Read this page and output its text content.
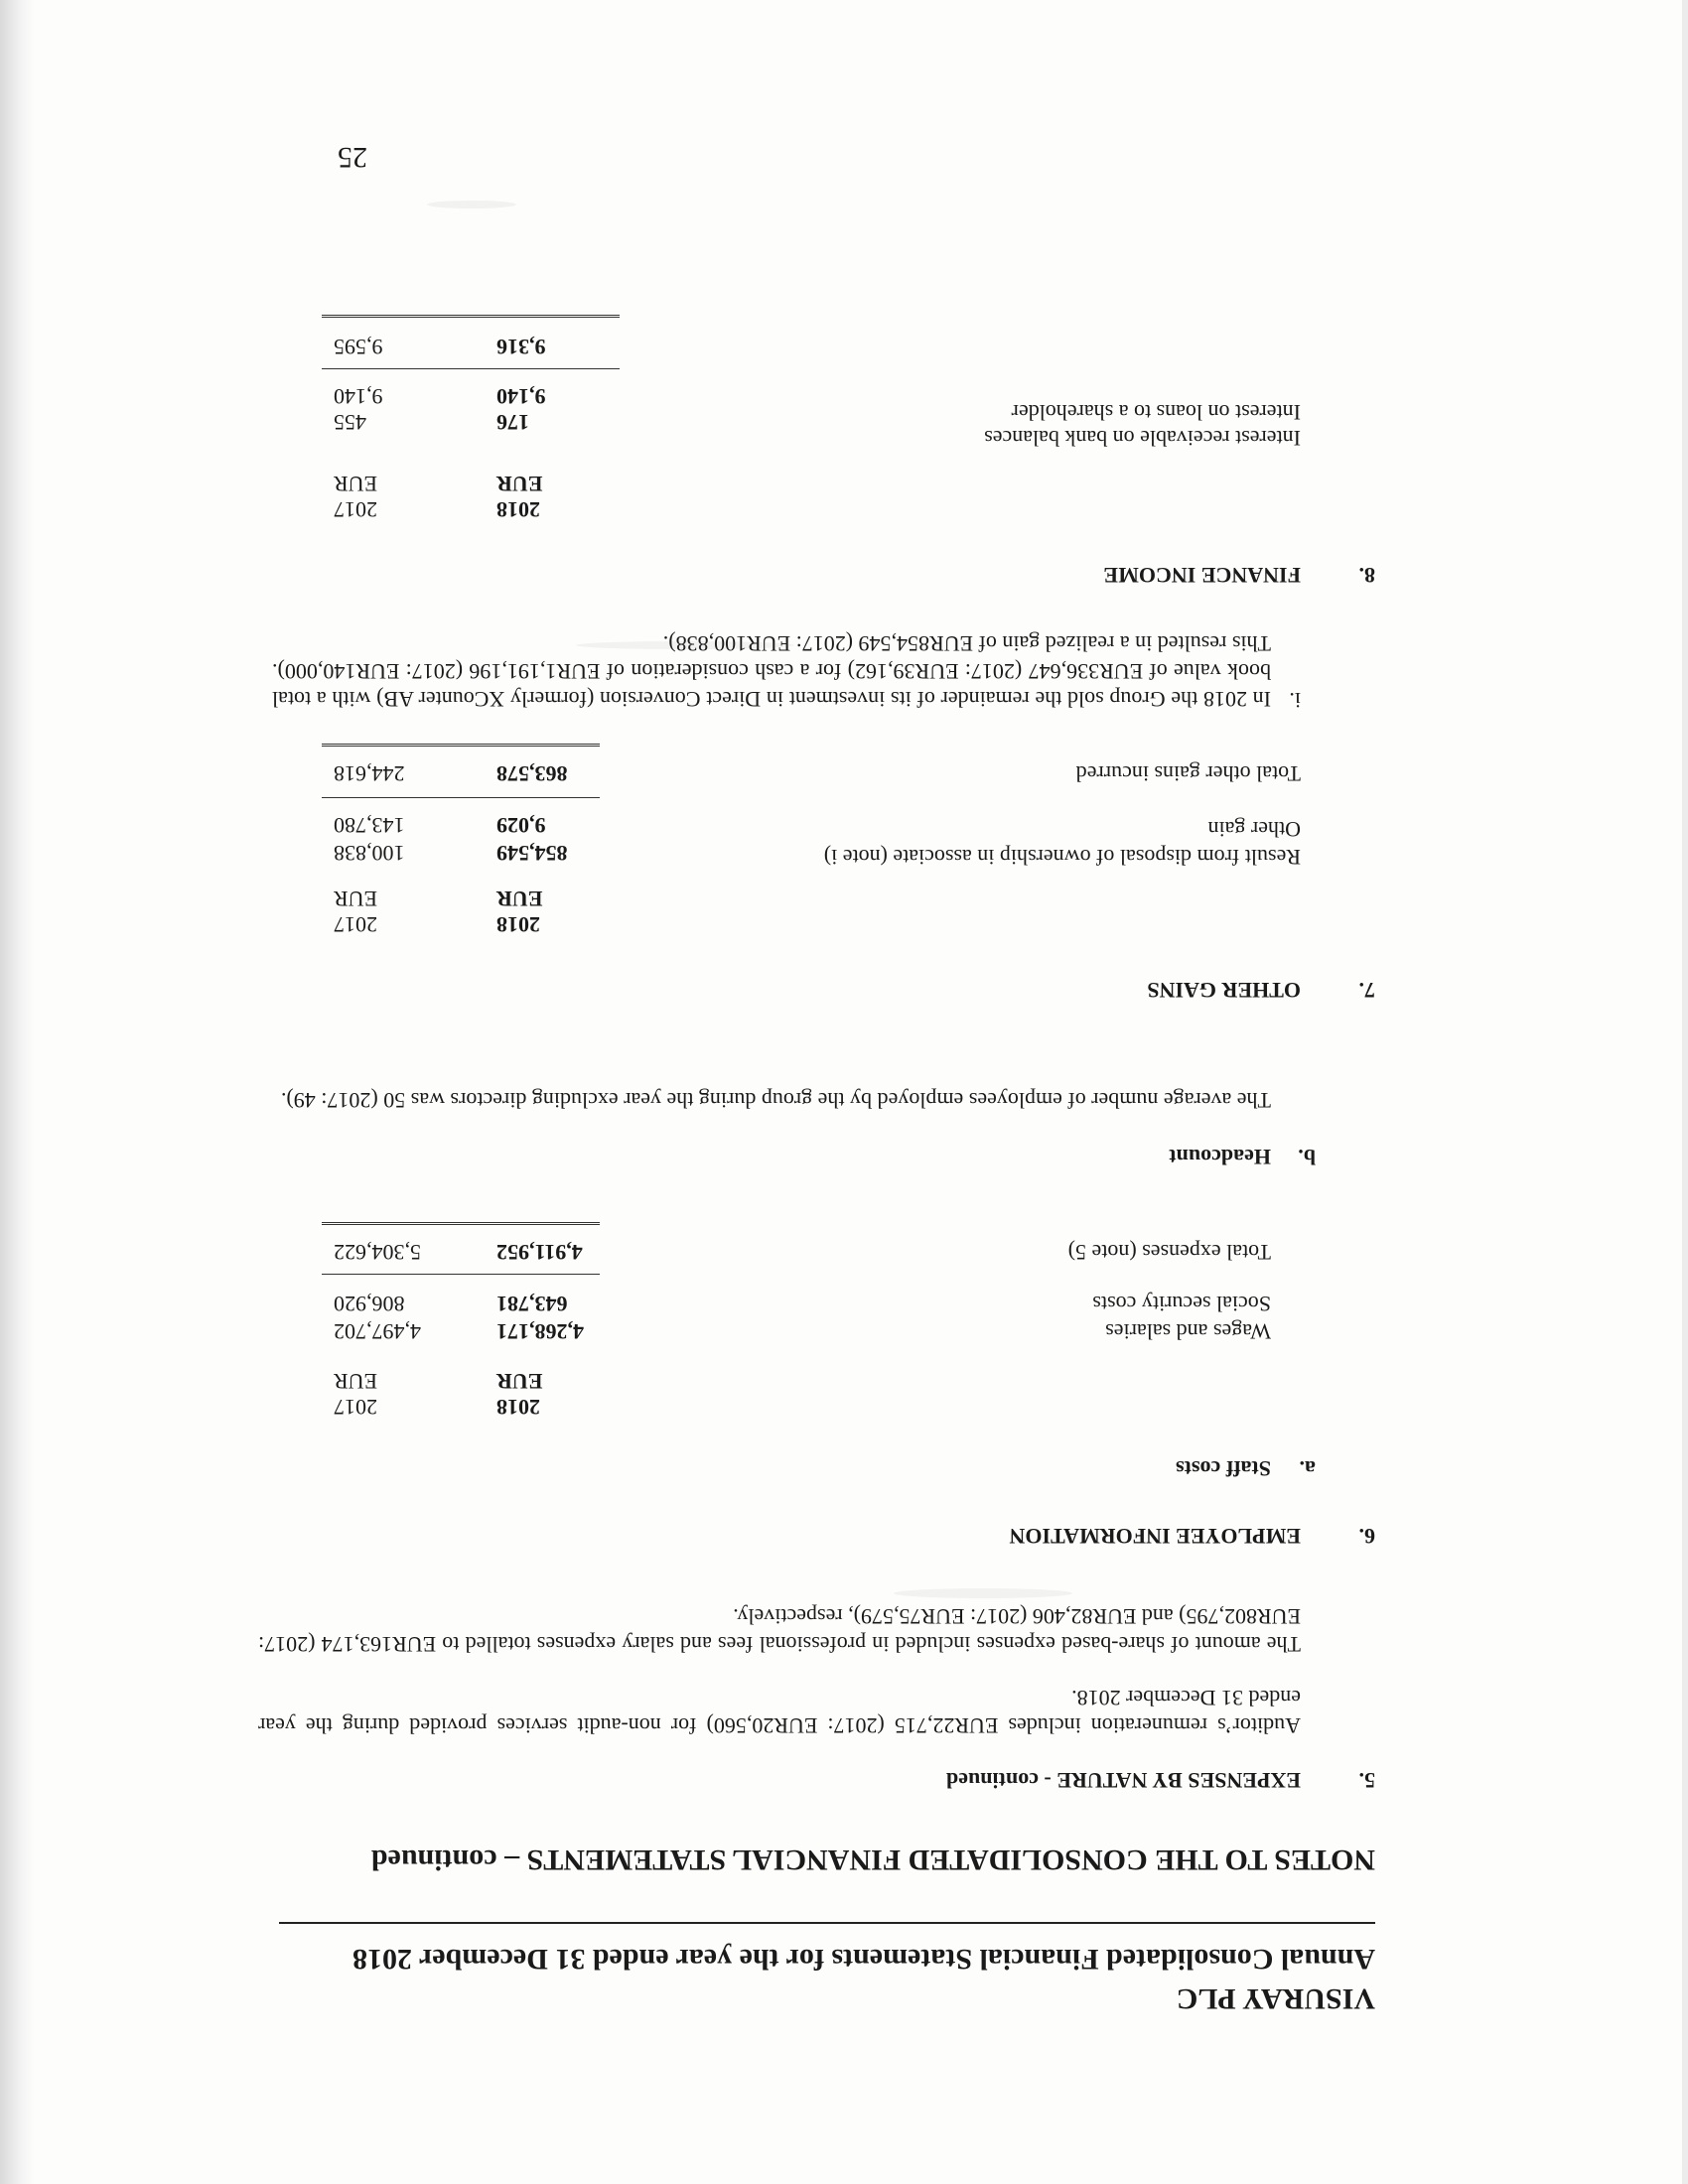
VISURAY PLC
Annual Consolidated Financial Statements for the year ended 31 December 2018
NOTES TO THE CONSOLIDATED FINANCIAL STATEMENTS – continued
5.
EXPENSES BY NATURE - continued
Auditor’s remuneration includes EUR22,715 (2017: EUR20,560) for non-audit services provided during the year ended 31 December 2018.
The amount of share-based expenses included in professional fees and salary expenses totalled to EUR163,174 (2017: EUR802,795) and EUR82,406 (2017: EUR75,579), respectively.
6.
EMPLOYEE INFORMATION
a.
Staff costs
2018
2017
EUR
EUR
Wages and salaries
4,268,171
4,497,702
Social security costs
643,781
806,920
Total expenses (note 5)
4,911,952
5,304,622
b.
Headcount
The average number of employees employed by the group during the year excluding directors was 50 (2017: 49).
7.
OTHER GAINS
2018
2017
EUR
EUR
Result from disposal of ownership in associate (note i)
854,549
100,838
Other gain
9,029
143,780
Total other gains incurred
863,578
244,618
i.
In 2018 the Group sold the remainder of its investment in Direct Conversion (formerly XCounter AB) with a total book value of EUR336,647 (2017: EUR39,162) for a cash consideration of EUR1,191,196 (2017: EUR140,000). This resulted in a realized gain of EUR854,549 (2017: EUR100,838).
8.
FINANCE INCOME
2018
2017
EUR
EUR
Interest receivable on bank balances
176
455	Interest on loans to a shareholder
9,140
9,140
9,316
9,595
25
